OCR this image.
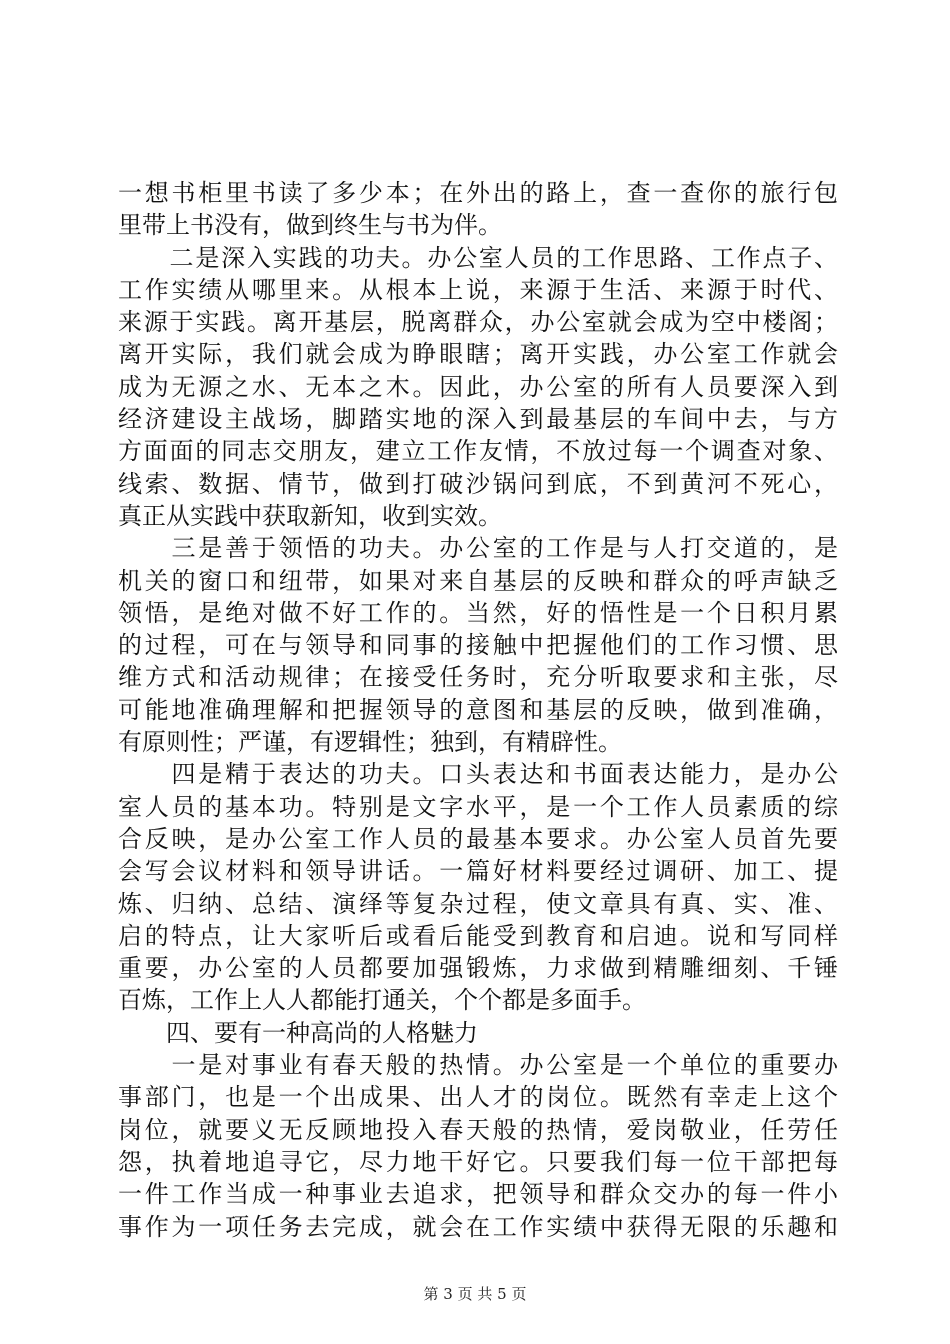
一想书柜里书读了多少本；在外出的路上，查一查你的旅行包
里带上书没有，做到终生与书为伴。
　　二是深入实践的功夫。办公室人员的工作思路、工作点子、
工作实绩从哪里来。从根本上说，来源于生活、来源于时代、
来源于实践。离开基层，脱离群众，办公室就会成为空中楼阁；
离开实际，我们就会成为睁眼瞎；离开实践，办公室工作就会
成为无源之水、无本之木。因此，办公室的所有人员要深入到
经济建设主战场，脚踏实地的深入到最基层的车间中去，与方
方面面的同志交朋友，建立工作友情，不放过每一个调查对象、
线索、数据、情节，做到打破沙锅问到底，不到黄河不死心，
真正从实践中获取新知，收到实效。
　　三是善于领悟的功夫。办公室的工作是与人打交道的，是
机关的窗口和纽带，如果对来自基层的反映和群众的呼声缺乏
领悟，是绝对做不好工作的。当然，好的悟性是一个日积月累
的过程，可在与领导和同事的接触中把握他们的工作习惯、思
维方式和活动规律；在接受任务时，充分听取要求和主张，尽
可能地准确理解和把握领导的意图和基层的反映，做到准确，
有原则性；严谨，有逻辑性；独到，有精辟性。
　　四是精于表达的功夫。口头表达和书面表达能力，是办公
室人员的基本功。特别是文字水平，是一个工作人员素质的综
合反映，是办公室工作人员的最基本要求。办公室人员首先要
会写会议材料和领导讲话。一篇好材料要经过调研、加工、提
炼、归纳、总结、演绎等复杂过程，使文章具有真、实、准、
启的特点，让大家听后或看后能受到教育和启迪。说和写同样
重要，办公室的人员都要加强锻炼，力求做到精雕细刻、千锤
百炼，工作上人人都能打通关，个个都是多面手。
　　四、要有一种高尚的人格魅力
　　一是对事业有春天般的热情。办公室是一个单位的重要办
事部门，也是一个出成果、出人才的岗位。既然有幸走上这个
岗位，就要义无反顾地投入春天般的热情，爱岗敬业，任劳任
怨，执着地追寻它，尽力地干好它。只要我们每一位干部把每
一件工作当成一种事业去追求，把领导和群众交办的每一件小
事作为一项任务去完成，就会在工作实绩中获得无限的乐趣和
第 3 页 共 5 页
